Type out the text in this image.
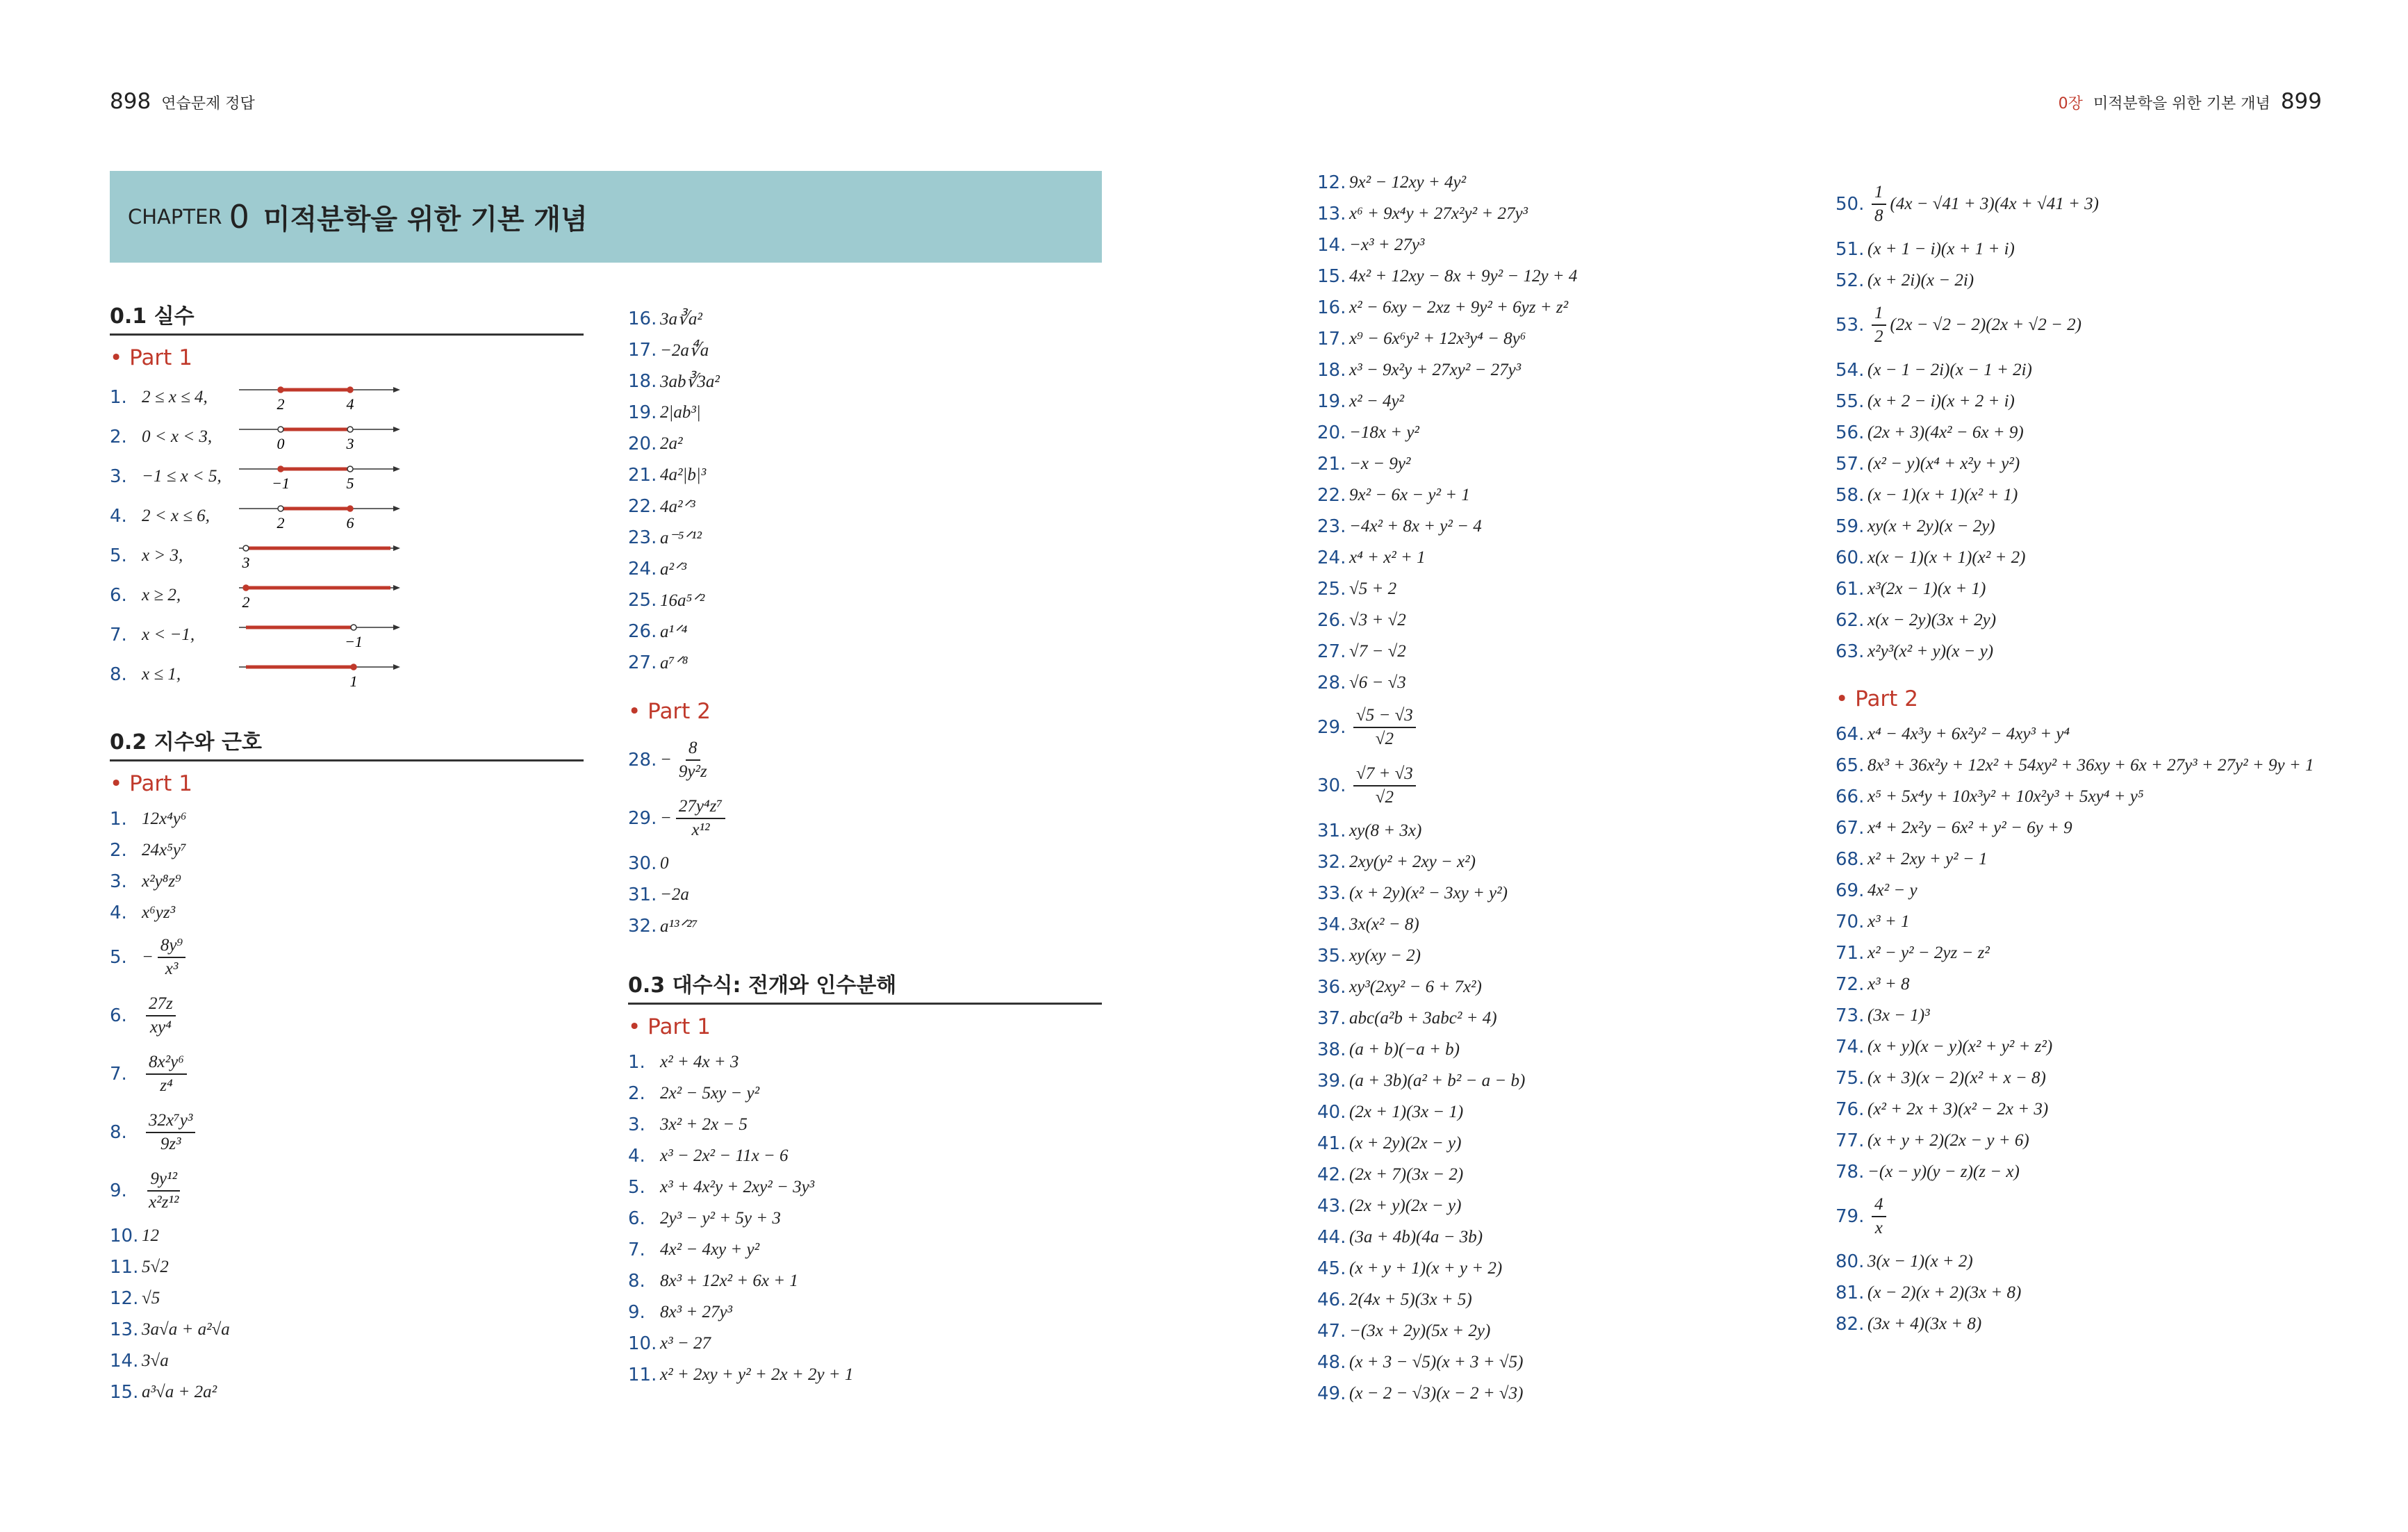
898 연습문제 정답	0장 미적분학을 위한 기본 개념 899
CHAPTER 0 미적분학을 위한 기본 개념
0.1 실수
• Part 1
1. 2 ≤ x ≤ 4,	2	4
2. 0 < x < 3,	0	3
3. −1 ≤ x < 5,	−1	5
4. 2 < x ≤ 6,	2	6
5. x > 3,	3
6. x ≥ 2,	2
7. x < −1,	−1
8. x ≤ 1,	1
0.2 지수와 근호
• Part 1
1. 12x⁴y⁶
2. 24x⁵y⁷
3. x²y⁸z⁹
4. x⁶yz³
5. − $\frac{\text{8y⁹}}{\text{x³}}$
6.	$\frac{27z}{\text{xy⁴}}$
7.	$\frac{\text{8x²y⁶}}{\text{z⁴}}$
8.	$\frac{\text{32x⁷y³}}{\text{9z³}}$
9.	$\frac{\text{9y¹²}}{\text{x²z¹²}}$
10. 12
11. 5√2
12. √5
13. 3a√a + a²√a
14. 3√a
15. a³√a + 2a²
16. 3a∛a²
17. −2a∜a
18. 3ab∛3a²
19. 2|ab³|
20. 2a²
21. 4a²|b|³
22. 4a²ᐟ³
23. a⁻⁵ᐟ¹²
24. a²ᐟ³
25. 16a⁵ᐟ²
26. a¹ᐟ⁴
27. a⁷ᐟ⁸
• Part 2
28. − $\frac{8}{\text{9y²z}}$
29. − $\frac{\text{27y⁴z⁷}}{\text{x¹²}}$
30. 0
31. −2a
32. a¹³ᐟ²⁷
0.3 대수식: 전개와 인수분해
• Part 1
1. x² + 4x + 3
2. 2x² − 5xy − y²
3. 3x² + 2x − 5
4. x³ − 2x² − 11x − 6
5. x³ + 4x²y + 2xy² − 3y³
6. 2y³ − y² + 5y + 3
7. 4x² − 4xy + y²
8. 8x³ + 12x² + 6x + 1
9. 8x³ + 27y³
10. x³ − 27
11. x² + 2xy + y² + 2x + 2y + 1
12. 9x² − 12xy + 4y²
13. x⁶ + 9x⁴y + 27x²y² + 27y³
14. −x³ + 27y³
15. 4x² + 12xy − 8x + 9y² − 12y + 4
16. x² − 6xy − 2xz + 9y² + 6yz + z²
17. x⁹ − 6x⁶y² + 12x³y⁴ − 8y⁶
18. x³ − 9x²y + 27xy² − 27y³
19. x² − 4y²
20. −18x + y²
21. −x − 9y²
22. 9x² − 6x − y² + 1
23. −4x² + 8x + y² − 4
24. x⁴ + x² + 1
25. √5 + 2
26. √3 + √2
27. √7 − √2
28. √6 − √3
29. $\frac{√5 - √3}{√2}$
30. $\frac{√7 + √3}{√2}$
31. xy(8 + 3x)
32. 2xy(y² + 2xy − x²)
33. (x + 2y)(x² − 3xy + y²)
34. 3x(x² − 8)
35. xy(xy − 2)
36. xy³(2xy² − 6 + 7x²)
37. abc(a²b + 3abc² + 4)
38. (a + b)(−a + b)
39. (a + 3b)(a² + b² − a − b)
40. (2x + 1)(3x − 1)
41. (x + 2y)(2x − y)
42. (2x + 7)(3x − 2)
43. (2x + y)(2x − y)
44. (3a + 4b)(4a − 3b)
45. (x + y + 1)(x + y + 2)
46. 2(4x + 5)(3x + 5)
47. −(3x + 2y)(5x + 2y)
48. (x + 3 − √5)(x + 3 + √5)
49. (x − 2 − √3)(x − 2 + √3)
50. $\frac{1}{8} (4x - √41 + 3)(4x + √41 + 3)$
51. (x + 1 − i)(x + 1 + i)
52. (x + 2i)(x − 2i)
53. $\frac{1}{2} (2x - √2 - 2)(2x + √2 - 2)$
54. (x − 1 − 2i)(x − 1 + 2i)
55. (x + 2 − i)(x + 2 + i)
56. (2x + 3)(4x² − 6x + 9)
57. (x² − y)(x⁴ + x²y + y²)
58. (x − 1)(x + 1)(x² + 1)
59. xy(x + 2y)(x − 2y)
60. x(x − 1)(x + 1)(x² + 2)
61. x³(2x − 1)(x + 1)
62. x(x − 2y)(3x + 2y)
63. x²y³(x² + y)(x − y)
• Part 2
64. x⁴ − 4x³y + 6x²y² − 4xy³ + y⁴
65. 8x³ + 36x²y + 12x² + 54xy² + 36xy + 6x + 27y³ + 27y² + 9y + 1
66. x⁵ + 5x⁴y + 10x³y² + 10x²y³ + 5xy⁴ + y⁵
67. x⁴ + 2x²y − 6x² + y² − 6y + 9
68. x² + 2xy + y² − 1
69. 4x² − y
70. x³ + 1
71. x² − y² − 2yz − z²
72. x³ + 8
73. (3x − 1)³
74. (x + y)(x − y)(x² + y² + z²)
75. (x + 3)(x − 2)(x² + x − 8)
76. (x² + 2x + 3)(x² − 2x + 3)
77. (x + y + 2)(2x − y + 6)
78. −(x − y)(y − z)(z − x)
79. $\frac{4}{x}$
80. 3(x − 1)(x + 2)
81. (x − 2)(x + 2)(3x + 8)
82. (3x + 4)(3x + 8)
